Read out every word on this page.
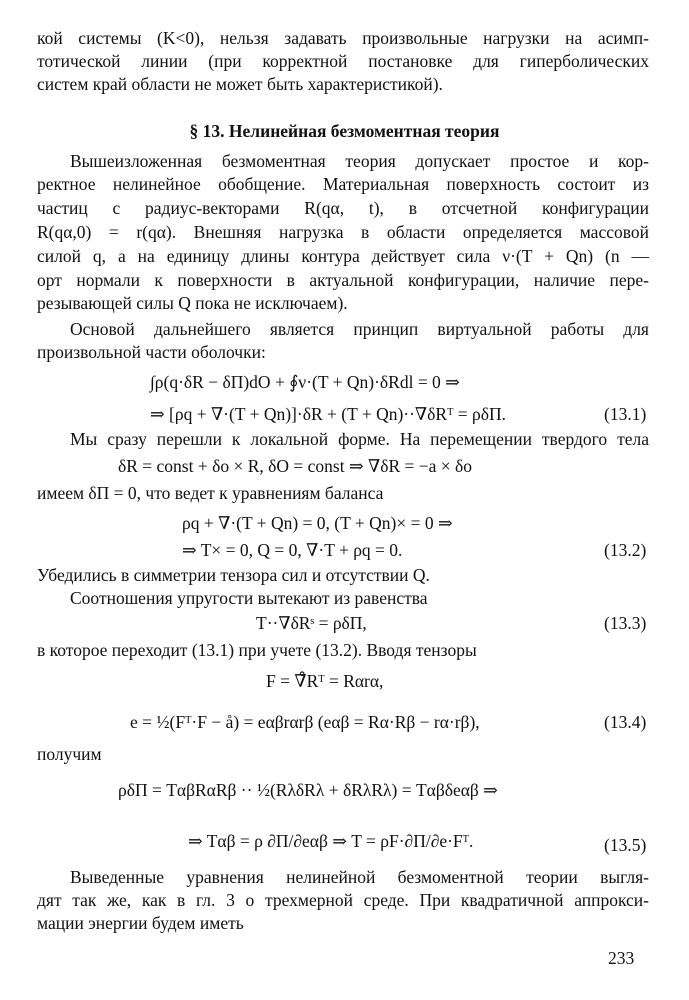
кой системы (K<0), нельзя задавать произвольные нагрузки на асимп-
тотической линии (при корректной постановке для гиперболических
систем край области не может быть характеристикой).
§ 13. Нелинейная безмоментная теория
Вышеизложенная безмоментная теория допускает простое и кор-
ректное нелинейное обобщение. Материальная поверхность состоит из
частиц с радиус-векторами R(qα, t), в отсчетной конфигурации
R(qα,0) = r(qα). Внешняя нагрузка в области определяется массовой
силой q, а на единицу длины контура действует сила ν·(T + Qn) (n —
орт нормали к поверхности в актуальной конфигурации, наличие пере-
резывающей силы Q пока не исключаем).
Основой дальнейшего является принцип виртуальной работы для
произвольной части оболочки:
∫ρ(q·δR − δП)dO + ∮ν·(T + Qn)·δRdl = 0 ⇒
⇒ [ρq + ∇·(T + Qn)]·δR + (T + Qn)··∇δRᵀ = ρδП.	(13.1)
Мы сразу перешли к локальной форме. На перемещении твердого тела
δR = const + δo × R, δO = const ⇒ ∇δR = −a × δo
имеем δП = 0, что ведет к уравнениям баланса
ρq + ∇·(T + Qn) = 0, (T + Qn)× = 0 ⇒
⇒ T× = 0, Q = 0, ∇·T + ρq = 0.	(13.2)
Убедились в симметрии тензора сил и отсутствии Q.
Соотношения упругости вытекают из равенства
T··∇δRˢ = ρδП,	(13.3)
в которое переходит (13.1) при учете (13.2). Вводя тензоры
F = ∇̊Rᵀ = Rαrα,
e = ½(Fᵀ·F − å) = eαβrαrβ (eαβ = Rα·Rβ − rα·rβ),	(13.4)
получим
ρδП = TαβRαRβ ·· ½(RλδRλ + δRλRλ) = Tαβδeαβ ⇒
⇒ Tαβ = ρ ∂П/∂eαβ ⇒ T = ρF·∂П/∂e·Fᵀ.	(13.5)
Выведенные уравнения нелинейной безмоментной теории выгля-
дят так же, как в гл. 3 о трехмерной среде. При квадратичной аппрокси-
мации энергии будем иметь
233
